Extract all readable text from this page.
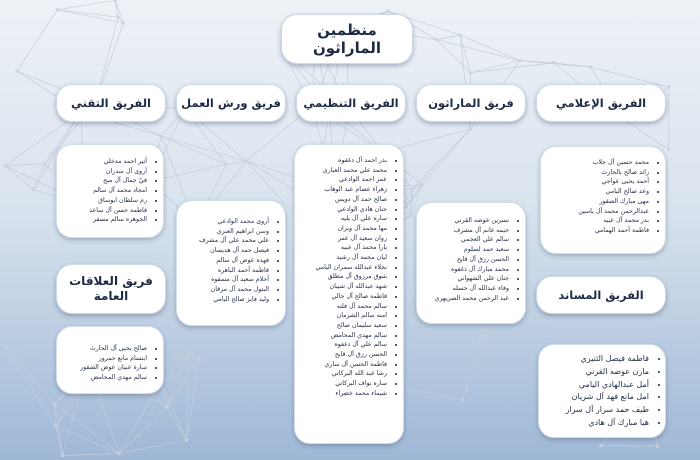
منظمين الماراثون
الفريق الإعلامي
فريق الماراثون
الفريق التنظيمي
فريق ورش العمل
الفريق التقني
فريق العلاقات العامة	الفريق المساند
• محمد حسين آل جلاب
• رائد صالح بالحارث
• أحمد يحيى عواجي
• وعد صالح اليامي
• مهى مبارك الصقور
• عبدالرحمن محمد آل ياسين
• بدر محمد آل عبيه
• فاطمة أحمد الهمامي
• نسرين عوضه القرني
• حيمه غانم آل مشرف
• سالم علي العجمي
• سعيد حمد لسلوم
• الحسن رزق آل قايح
• محمد مبارك آل دغفوه
• جنان علي الشهواني
• وفاء عبدالله آل حسله
• عبد الرحمن محمد الصريهري
• بدر احمد آل دغفوه
• محمد علي محمد الغباري
• عمر احمد الوادعي
• زهراء عصام عبد الوهاب
• صالح حمد آل دويس
• جنان هادي الوادعي
• ساره علي آل يليه
• مها محمد آل وبران
• روان سعيد آل عمر
• يارا محمد آل عبيه
• ليان محمد آل رشيد
• نجلاء عبدالله سمران اليامي
• شوق مرزوق آل مطلق
• شهد عبدالله آل شيبان
• فاطمة صالح آل جالي
• سالم محمد آل فلته
• امنه سالم الشرمان
• سعيد سليمان صالح
• سالم مهدي المحامض
• سالم علي آل دغفوه
• الحسن رزق آل قايح
• فاطمة الحسن آل ساري
• رشا عبد الله البركاتي
• ساره نواف البركاتي
• شيماء محمد خضراء
• أروى محمد الوادعي
• وسن ابراهيم العنزي
• علي محمد علي آل مشرف
• فيصل حمد آل هديسان
• فهده عوض آل سالم
• فاطمة أحمد الباهره
• أحلام سعيد آل مسفوه
• البتول محمد آل مرقان
• وليد فايز صالح اليامي
• أثير احمد مدخلي
• أروى آل سدران
• فيّ جمال آل ميح
• امجاد محمد آل سالم
• رم سلطان ابوساق
• فاطمة حسن آل ساعد
• الجوهره سالم مسفر
• صالح يحيى آل الحارث
• ابتسام مانع حمرور
• سارة عبيان عوض الصقور
• سالم مهدي المحامض
• فاطمة فيصل الثنيري
• مازن عوضه القرني
• أمل عبدالهادي اليامي
• امل مانع فهد آل شريان
• طيف حمد سرار آل سرار
• هيا مبارك آل هادي
